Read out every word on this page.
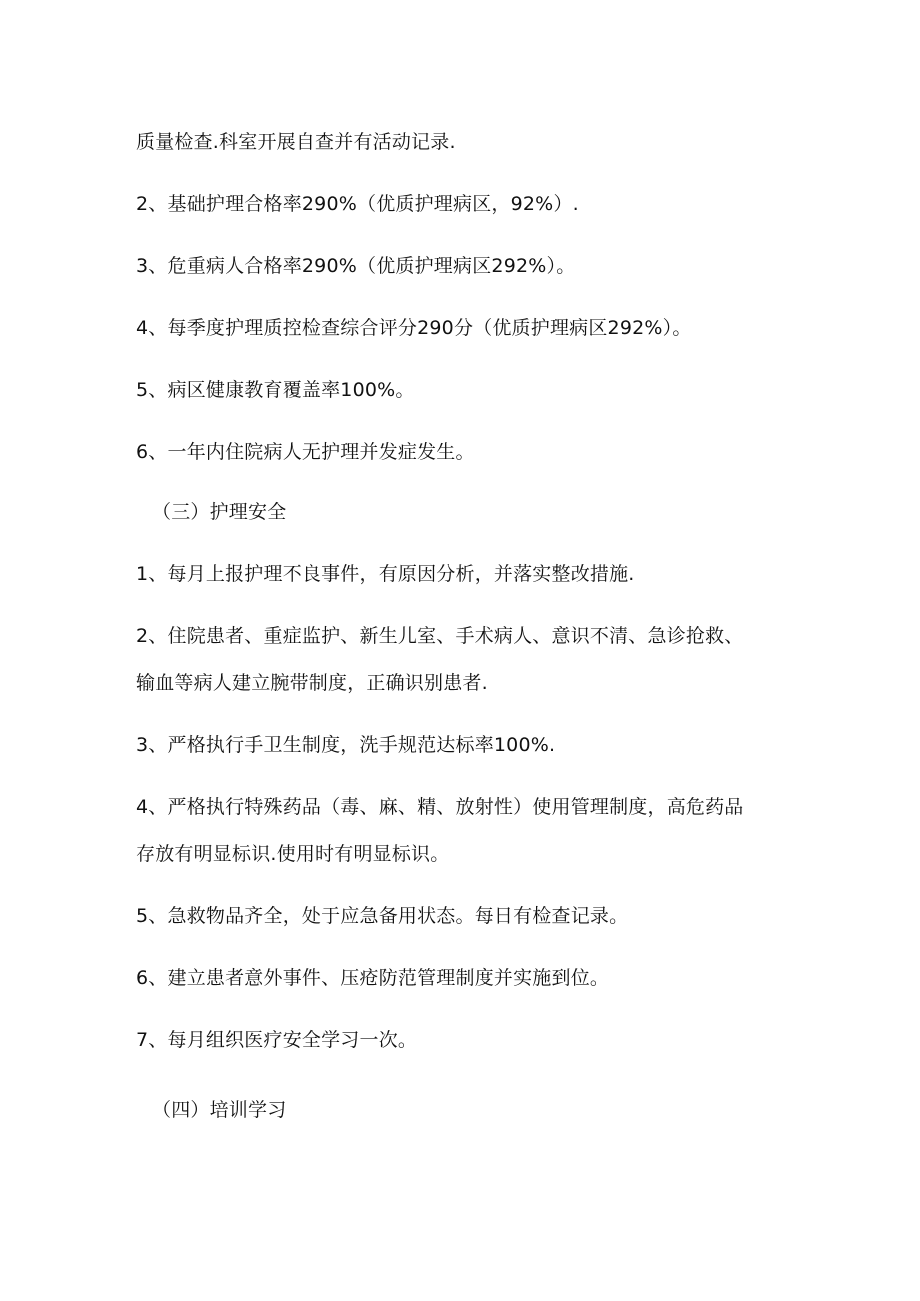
质量检查.科室开展自查并有活动记录.
2、基础护理合格率290%（优质护理病区，92%）.
3、危重病人合格率290%（优质护理病区292%）。
4、每季度护理质控检查综合评分290分（优质护理病区292%）。
5、病区健康教育覆盖率100%。
6、一年内住院病人无护理并发症发生。
（三）护理安全
1、每月上报护理不良事件，有原因分析，并落实整改措施.
2、住院患者、重症监护、新生儿室、手术病人、意识不清、急诊抢救、
输血等病人建立腕带制度，正确识别患者.
3、严格执行手卫生制度，洗手规范达标率100%.
4、严格执行特殊药品（毒、麻、精、放射性）使用管理制度，高危药品
存放有明显标识.使用时有明显标识。
5、急救物品齐全，处于应急备用状态。每日有检查记录。
6、建立患者意外事件、压疮防范管理制度并实施到位。
7、每月组织医疗安全学习一次。
（四）培训学习
